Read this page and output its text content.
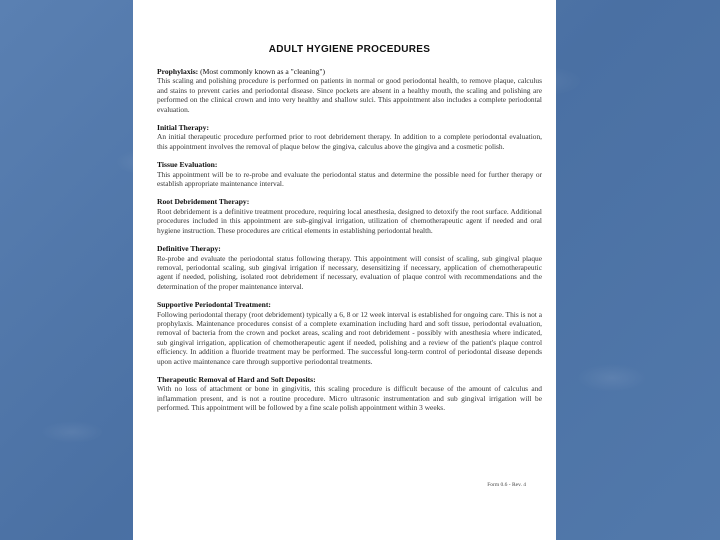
ADULT HYGIENE PROCEDURES
Prophylaxis: (Most commonly known as a "cleaning")
This scaling and polishing procedure is performed on patients in normal or good periodontal health, to remove plaque, calculus and stains to prevent caries and periodontal disease. Since pockets are absent in a healthy mouth, the scaling and polishing are performed on the clinical crown and into very healthy and shallow sulci. This appointment also includes a complete periodontal evaluation.
Initial Therapy:
An initial therapeutic procedure performed prior to root debridement therapy. In addition to a complete periodontal evaluation, this appointment involves the removal of plaque below the gingiva, calculus above the gingiva and a cosmetic polish.
Tissue Evaluation:
This appointment will be to re-probe and evaluate the periodontal status and determine the possible need for further therapy or establish appropriate maintenance interval.
Root Debridement Therapy:
Root debridement is a definitive treatment procedure, requiring local anesthesia, designed to detoxify the root surface. Additional procedures included in this appointment are sub-gingival irrigation, utilization of chemotherapeutic agent if needed and oral hygiene instruction. These procedures are critical elements in establishing periodontal health.
Definitive Therapy:
Re-probe and evaluate the periodontal status following therapy. This appointment will consist of scaling, sub gingival plaque removal, periodontal scaling, sub gingival irrigation if necessary, desensitizing if necessary, application of chemotherapeutic agent if needed, polishing, isolated root debridement if necessary, evaluation of plaque control with recommendations and the determination of the proper maintenance interval.
Supportive Periodontal Treatment:
Following periodontal therapy (root debridement) typically a 6, 8 or 12 week interval is established for ongoing care. This is not a prophylaxis. Maintenance procedures consist of a complete examination including hard and soft tissue, periodontal evaluation, removal of bacteria from the crown and pocket areas, scaling and root debridement - possibly with anesthesia where indicated, sub gingival irrigation, application of chemotherapeutic agent if needed, polishing and a review of the patient's plaque control efficiency. In addition a fluoride treatment may be performed. The successful long-term control of periodontal disease depends upon active maintenance care through supportive periodontal treatments.
Therapeutic Removal of Hard and Soft Deposits:
With no loss of attachment or bone in gingivitis, this scaling procedure is difficult because of the amount of calculus and inflammation present, and is not a routine procedure. Micro ultrasonic instrumentation and sub gingival irrigation will be performed. This appointment will be followed by a fine scale polish appointment within 3 weeks.
Form 0.6 - Rev. 4
